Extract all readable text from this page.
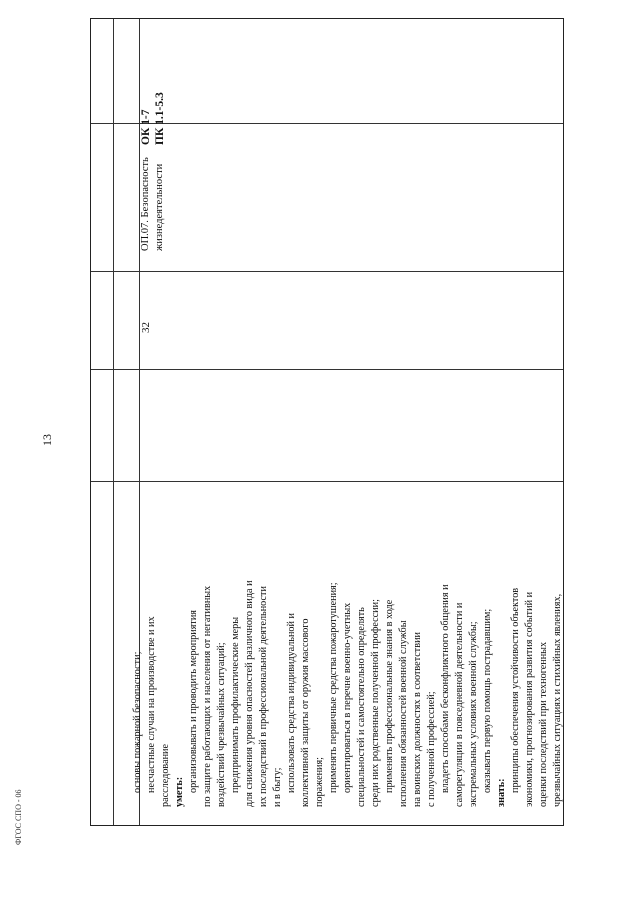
13
ФГОС СПО - 06
основы пожарной безопасности; несчастные случаи на производстве и их расследование уметь: организовывать и проводить мероприятия по защите работающих и населения от негативных воздействий чрезвычайных ситуаций; предпринимать профилактические меры для снижения уровня опасностей различного вида и их последствий в профессиональной деятельности и в быту; использовать средства индивидуальной и коллективной защиты от оружия массового поражения; применять первичные средства пожаротушения; ориентироваться в перечне военно-учетных специальностей и самостоятельно определять среди них родственные полученной профессии; применять профессиональные знания в ходе исполнения обязанностей военной службы на воинских должностях в соответствии с полученной профессией; владеть способами бесконфликтного общения и саморегуляции в повседневной деятельности и экстремальных условиях военной службы; оказывать первую помощь пострадавшим; знать: принципы обеспечения устойчивости объектов экономики, прогнозирования развития событий и оценки последствий при техногенных чрезвычайных ситуациях и стихийных явлениях,
32
ОП.07. Безопасность жизнедеятельности
ОК 1-7 ПК 1.1-5.3
